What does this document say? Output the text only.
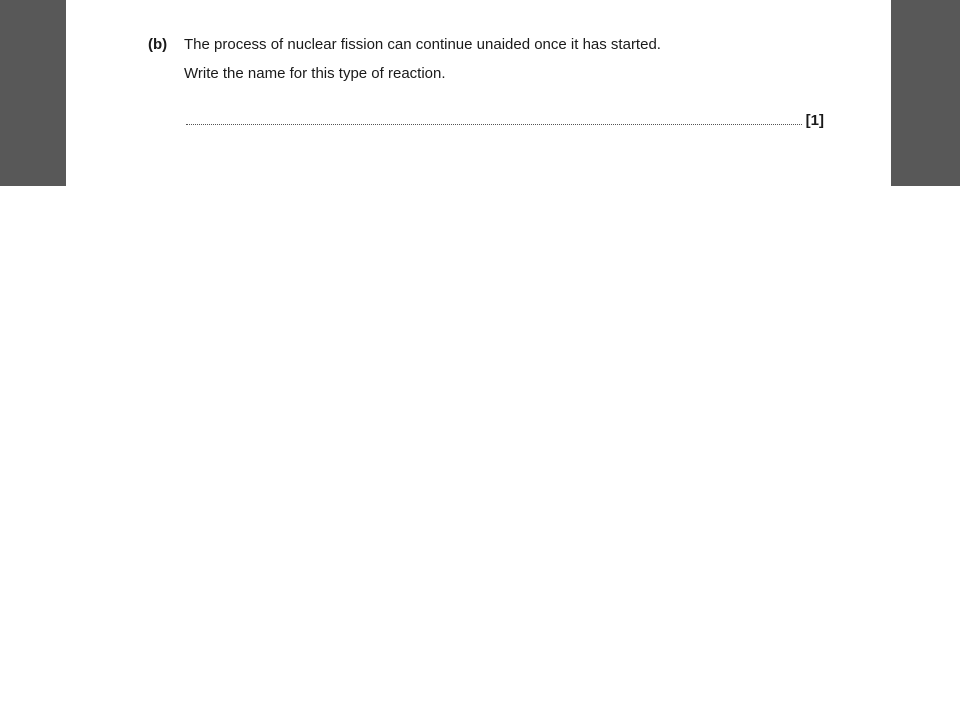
(b) The process of nuclear fission can continue unaided once it has started.
Write the name for this type of reaction.
[1]
